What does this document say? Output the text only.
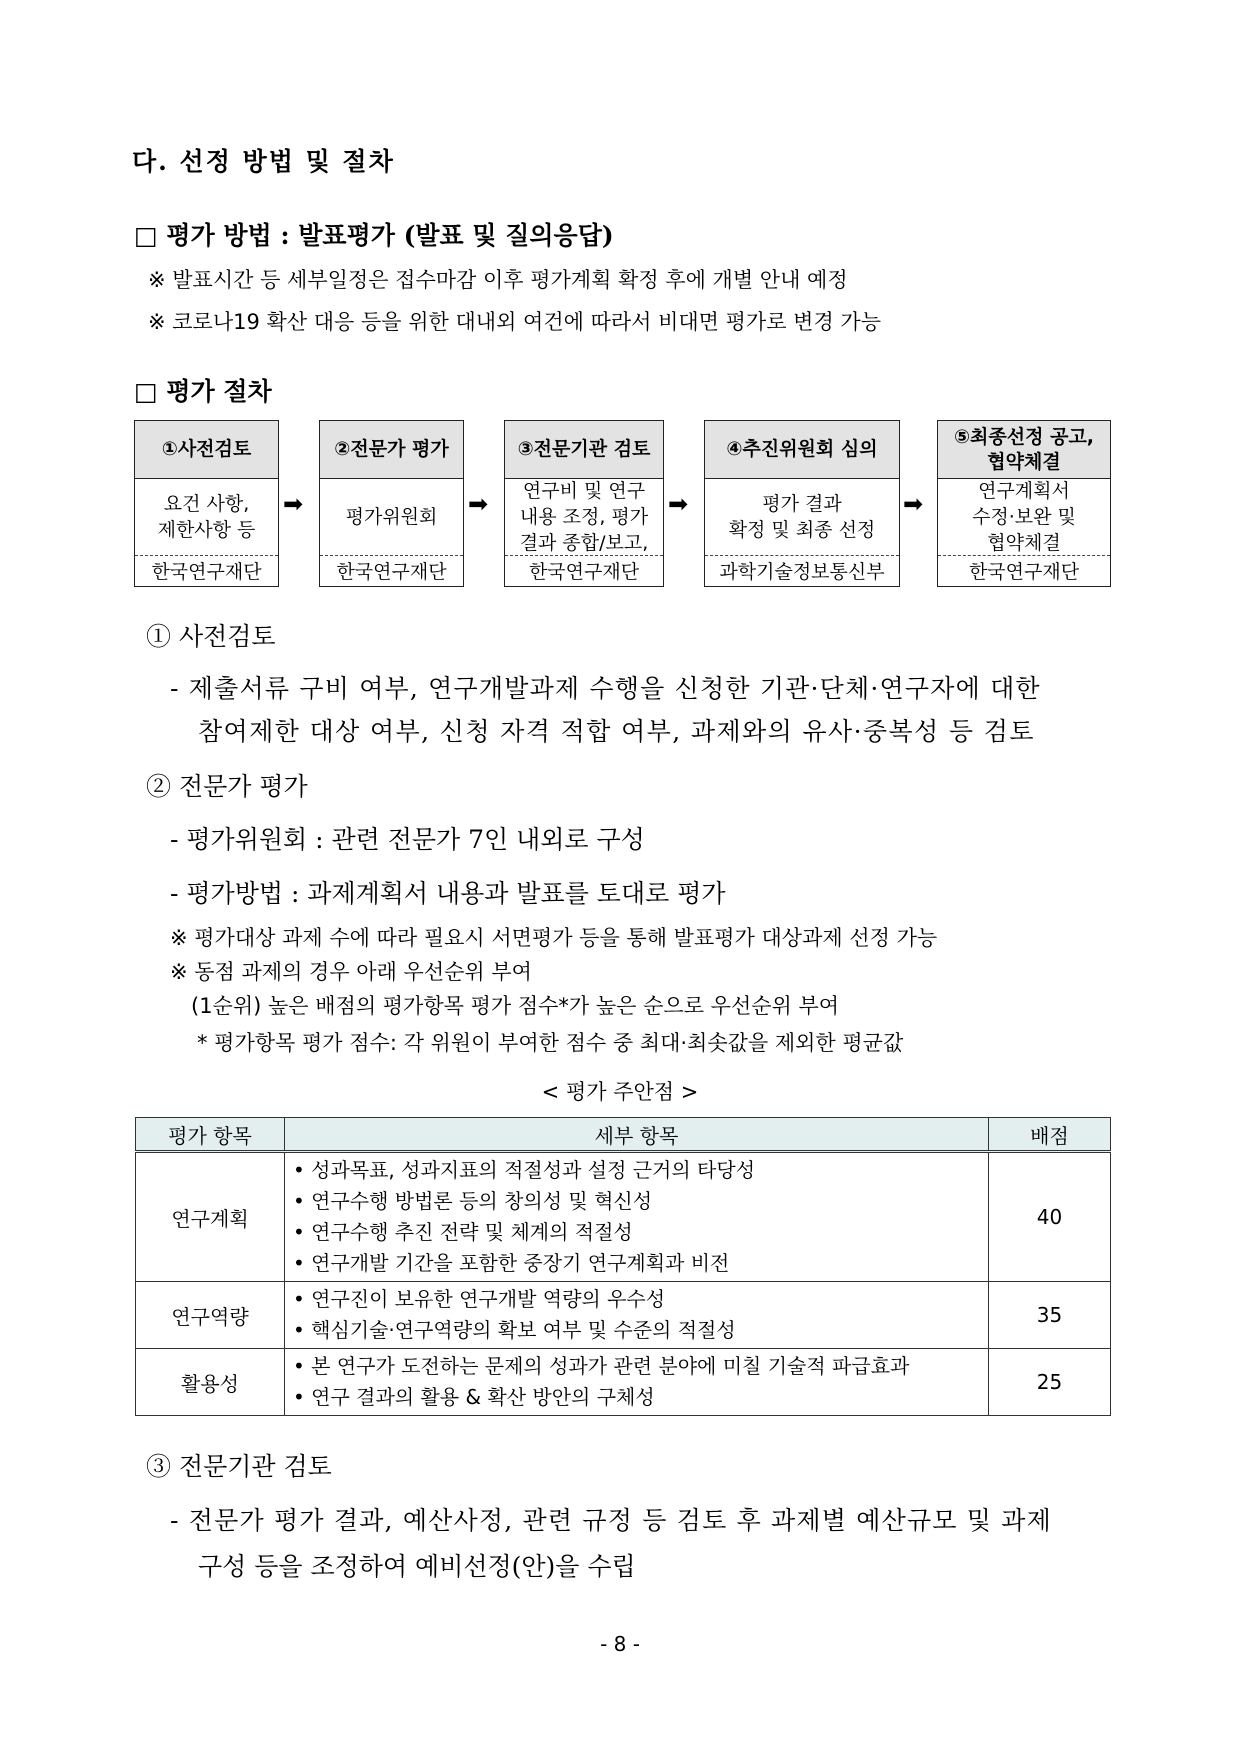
다. 선정 방법 및 절차
□ 평가 방법 : 발표평가 (발표 및 질의응답)
※ 발표시간 등 세부일정은 접수마감 이후 평가계획 확정 후에 개별 안내 예정
※ 코로나19 확산 대응 등을 위한 대내외 여건에 따라서 비대면 평가로 변경 가능
□ 평가 절차
①사전검토
요건 사항,
제한사항 등
한국연구재단
➡
②전문가 평가
평가위원회
한국연구재단
➡
③전문기관 검토
연구비 및 연구
내용 조정, 평가
결과 종합/보고,
한국연구재단
➡
④추진위원회 심의
평가 결과
확정 및 최종 선정
과학기술정보통신부
➡
⑤최종선정 공고,
협약체결
연구계획서
수정·보완 및
협약체결
한국연구재단
① 사전검토
- 제출서류 구비 여부, 연구개발과제 수행을 신청한 기관·단체·연구자에 대한
참여제한 대상 여부, 신청 자격 적합 여부, 과제와의 유사·중복성 등 검토
② 전문가 평가
- 평가위원회 : 관련 전문가 7인 내외로 구성
- 평가방법 : 과제계획서 내용과 발표를 토대로 평가
※ 평가대상 과제 수에 따라 필요시 서면평가 등을 통해 발표평가 대상과제 선정 가능
※ 동점 과제의 경우 아래 우선순위 부여
(1순위) 높은 배점의 평가항목 평가 점수*가 높은 순으로 우선순위 부여
* 평가항목 평가 점수: 각 위원이 부여한 점수 중 최대·최솟값을 제외한 평균값
< 평가 주안점 >
평가 항목	세부 항목	배점
연구계획	• 성과목표, 성과지표의 적절성과 설정 근거의 타당성
• 연구수행 방법론 등의 창의성 및 혁신성
• 연구수행 추진 전략 및 체계의 적절성
• 연구개발 기간을 포함한 중장기 연구계획과 비전	40
연구역량	• 연구진이 보유한 연구개발 역량의 우수성
• 핵심기술·연구역량의 확보 여부 및 수준의 적절성	35
활용성	• 본 연구가 도전하는 문제의 성과가 관련 분야에 미칠 기술적 파급효과
• 연구 결과의 활용 & 확산 방안의 구체성	25
③ 전문기관 검토
- 전문가 평가 결과, 예산사정, 관련 규정 등 검토 후 과제별 예산규모 및 과제
구성 등을 조정하여 예비선정(안)을 수립
- 8 -
